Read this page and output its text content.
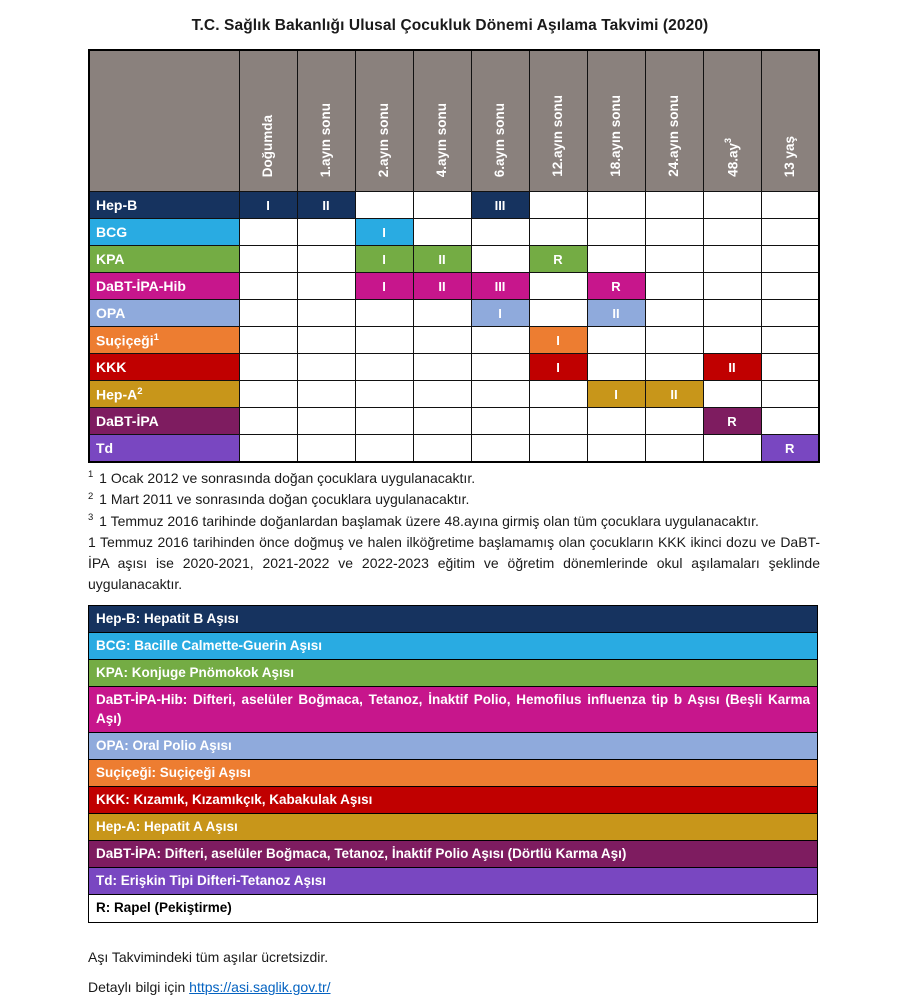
T.C. Sağlık Bakanlığı Ulusal Çocukluk Dönemi Aşılama Takvimi (2020)
	Doğumda	1.ayın sonu	2.ayın sonu	4.ayın sonu	6.ayın sonu	12.ayın sonu	18.ayın sonu	24.ayın sonu	$48.ay^3$	13 yaş
Hep-B	I	II			III					
BCG			I							
KPA			I	II		R				
DaBT-İPA-Hib			I	II	III		R			
OPA					I		II			
Suçiçeği$^1$						I				
KKK						I			II	
Hep-$A^2$							I	II		
DaBT-İPA									R	
Td										R

$^1$ 1 Ocak 2012 ve sonrasında doğan çocuklara uygulanacaktır.

$^2$ 1 Mart 2011 ve sonrasında doğan çocuklara uygulanacaktır.

$^3$ 1 Temmuz 2016 tarihinde doğanlardan başlamak üzere 48.ayına girmiş olan tüm çocuklara uygulanacaktır.

1 Temmuz 2016 tarihinden önce doğmuş ve halen ilköğretime başlamamış olan çocukların KKK ikinci dozu ve DaBT-İPA aşısı ise 2020-2021, 2021-2022 ve 2022-2023 eğitim ve öğretim dönemlerinde okul aşılamaları şeklinde uygulanacaktır.

Hep-B: Hepatit B Aşısı
BCG: Bacille Calmette-Guerin Aşısı
KPA: Konjuge Pnömokok Aşısı
DaBT-İPA-Hib: Difteri, aselüler Boğmaca, Tetanoz, İnaktif Polio, Hemofilus influenza tip b Aşısı (Beşli Karma Aşı)
OPA: Oral Polio Aşısı
Suçiçeği: Suçiçeği Aşısı
KKK: Kızamık, Kızamıkçık, Kabakulak Aşısı
Hep-A: Hepatit A Aşısı
DaBT-İPA: Difteri, aselüler Boğmaca, Tetanoz, İnaktif Polio Aşısı (Dörtlü Karma Aşı)
Td: Erişkin Tipi Difteri-Tetanoz Aşısı
R: Rapel (Pekiştirme)

Aşı Takvimindeki tüm aşılar ücretsizdir.

Detaylı bilgi için https://asi.saglik.gov.tr/
